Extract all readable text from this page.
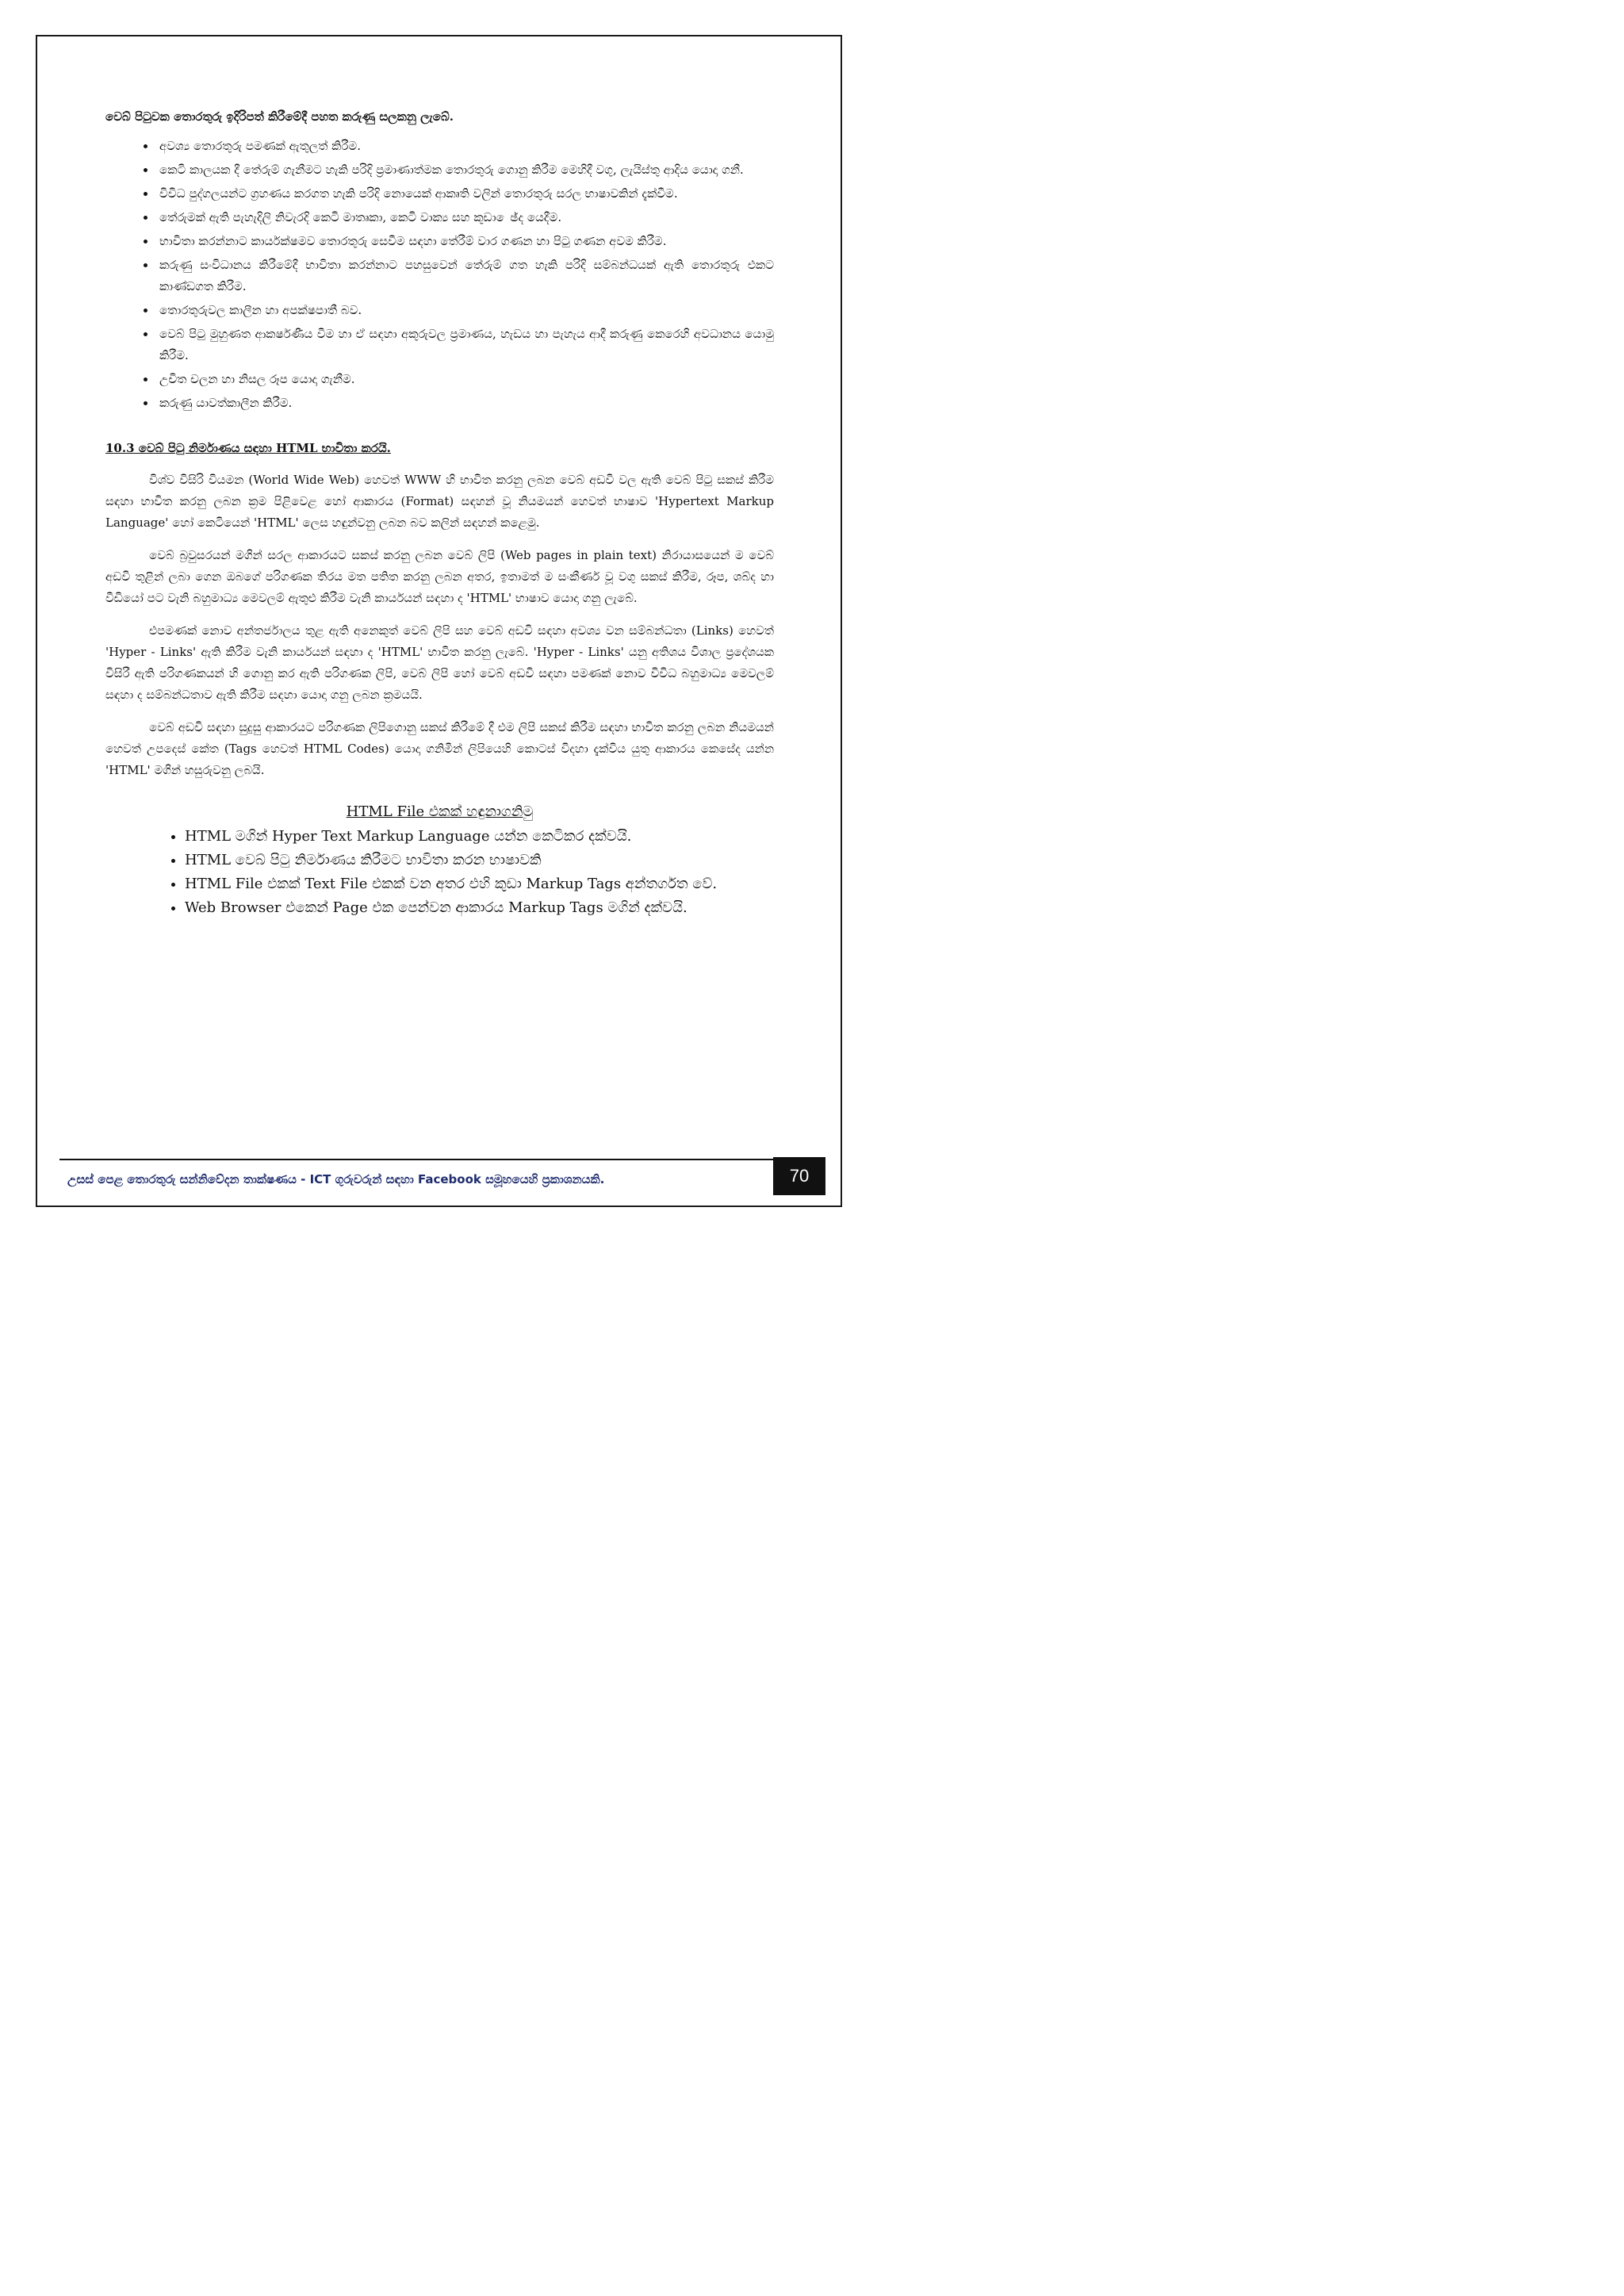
වෙබ් පිටුවක තොරතුරු ඉදිරිපත් කිරීමේදී පහත කරුණු සලකනු ලැබේ.

• අවශ්‍ය තොරතුරු පමණක් ඇතුලත් කිරීම.
• කෙටි කාලයක දී තේරුම් ගැනීමට හැකි පරිදි ප්‍රමාණාත්මක තොරතුරු ගොනු කිරීම මෙහිදී වගු, ලැයිස්තු ආදිය යොදා ගනී.
• විවිධ පුද්ගලයන්ට ග්‍රහණය කරගත හැකි පරිදි නොයෙක් ආකෘති වලින් තොරතුරු සරල භාෂාවකින් දැක්වීම.
• තේරුමක් ඇති පැහැදිලි නිවැරදි කෙටි මාතෘකා, කෙටි වාක්‍ය සහ කුඩා ෙඡ්ද යෙදීම.
• භාවිතා කරන්නාට කාර්යක්ෂමව තොරතුරු සෙවීම සඳහා තේරීම් වාර ගණන හා පිටු ගණන අවම කිරීම.
• කරුණු සංවිධානය කිරීමේදී භාවිතා කරන්නාට පහසුවෙන් තේරුම් ගත හැකි පරිදි සම්බන්ධයක් ඇති තොරතුරු එකට කාණ්ඩගත කිරීම.
• තොරතුරුවල කාලීන හා අපක්ෂපාතී බව.
• වෙබ් පිටු මුහුණත ආකර්ෂණීය වීම හා ඒ සඳහා අකුරුවල ප්‍රමාණය, හැඩය හා පැහැය ආදී කරුණු කෙරෙහි අවධානය යොමු කිරීම.
• උචිත චලන හා නිසල රූප යොදා ගැනීම.
• කරුණු යාවත්කාලීන කිරීම.
10.3 වෙබ් පිටු නිර්මාණය සඳහා HTML භාවිතා කරයි.

විශ්ව විසිරි වියමන (World Wide Web) හෙවත් WWW හි භාවිත කරනු ලබන වෙබ් අඩවි වල ඇති වෙබ් පිටු සකස් කිරීම සඳහා භාවිත කරනු ලබන ක්‍රම පිළිවෙළ හෝ ආකාරය (Format) සඳහන් වූ නියමයන් හෙවත් භාෂාව 'Hypertext Markup Language' හෝ කෙටියෙන් 'HTML' ලෙස හඳුන්වනු ලබන බව කලින් සඳහන් කළෙමු.

වෙබ් බ්‍රවුසරයන් මගින් සරල ආකාරයට සකස් කරනු ලබන වෙබ් ලිපි (Web pages in plain text) නිරායාසයෙන් ම වෙබ් අඩවි තුළින් ලබා ගෙන ඔබගේ පරිගණක තිරය මත පතිත කරනු ලබන අතර, ඉතාමත් ම සංකීර්ණ වූ වගු සකස් කිරීම, රූප, ශබ්ද හා වීඩියෝ පට වැනි බහුමාධ්‍ය මෙවලම් ඇතුළු කිරීම වැනි කාර්යයන් සඳහා ද 'HTML' භාෂාව යොදා ගනු ලැබේ.

එපමණක් නොව අන්තර්ජාලය තුළ ඇති අනෙකුත් වෙබ් ලිපි සහ වෙබ් අඩවි සඳහා අවශ්‍ය වන සම්බන්ධතා (Links) හෙවත් 'Hyper - Links' ඇති කිරීම වැනි කාර්යයන් සඳහා ද 'HTML' භාවිත කරනු ලැබේ. 'Hyper - Links' යනු අතිශය විශාල ප්‍රදේශයක විසිරී ඇති පරිගණකයන් හි ගොනු කර ඇති පරිගණක ලිපි, වෙබ් ලිපි හෝ වෙබ් අඩවි සඳහා පමණක් නොව විවිධ බහුමාධ්‍ය මෙවලම් සඳහා ද සම්බන්ධතාව ඇති කිරීම සඳහා යොදා ගනු ලබන ක්‍රමයයි.

වෙබ් අඩවි සඳහා සුදුසු ආකාරයට පරිගණක ලිපිගොනු සකස් කිරීමේ දී එම ලිපි සකස් කිරීම සඳහා භාවිත කරනු ලබන නියමයන් හෙවත් උපදෙස් කේත (Tags හෙවත් HTML Codes) යොදා ගනිමින් ලිපියෙහි කොටස් විදහා දැක්විය යුතු ආකාරය කෙසේද යන්න 'HTML' මගින් හසුරුවනු ලබයි.

HTML File එකක් හඳුනාගනිමු
• HTML මගින් Hyper Text Markup Language යන්න කෙටිකර දක්වයි.
• HTML වෙබ් පිටු නිර්මාණය කිරීමට භාවිතා කරන භාෂාවකි
• HTML File එකක් Text File එකක් වන අතර එහි කුඩා Markup Tags අන්තර්ගත වේ.
• Web Browser එකෙන් Page එක පෙන්වන ආකාරය Markup Tags මගින් දක්වයි.
උසස් පෙළ තොරතුරු සන්නිවේදන තාක්ෂණය - ICT ගුරුවරුන් සඳහා Facebook සමූහයෙහි ප්‍රකාශනයකි.	70
